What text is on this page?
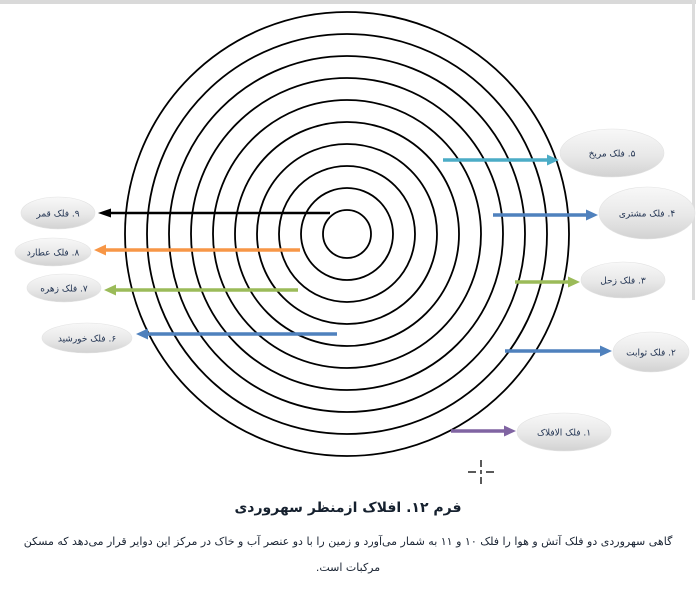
۱. فلک الافلاک
۲. فلک ثوابت
۳. فلک زحل
۴. فلک مشتری
۵. فلک مریخ
۶. فلک خورشید
۷. فلک زهره
۸. فلک عطارد
۹. فلک قمر
فرم ۱۲. افلاک ازمنظر سهروردی
گاهی سهروردی دو فلک آتش و هوا را فلک ۱۰ و ۱۱ به شمار می‌آورد و زمین را با دو عنصر آب و خاک در مرکز این دوایر قرار می‌دهد که مسکن
مرکبات است.
